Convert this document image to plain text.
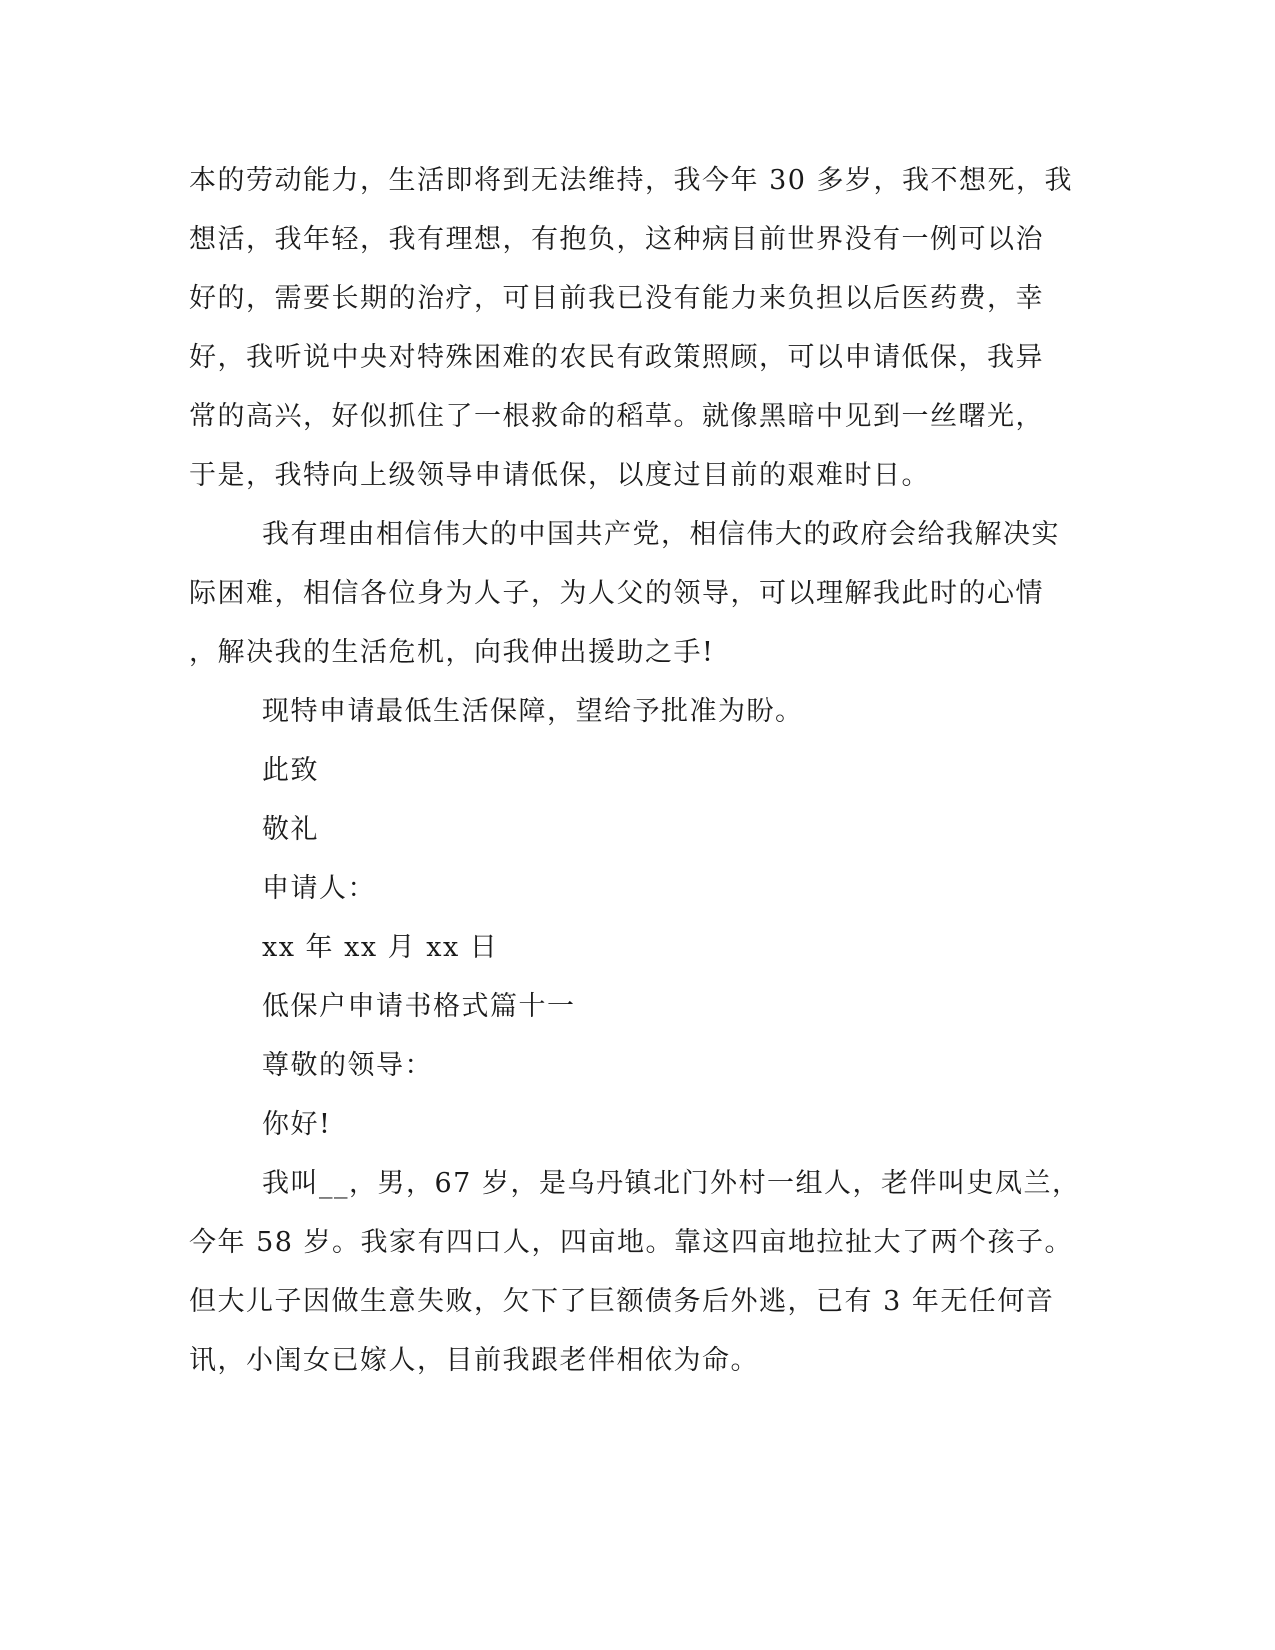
本的劳动能力，生活即将到无法维持，我今年 30 多岁，我不想死，我
想活，我年轻，我有理想，有抱负，这种病目前世界没有一例可以治
好的，需要长期的治疗，可目前我已没有能力来负担以后医药费，幸
好，我听说中央对特殊困难的农民有政策照顾，可以申请低保，我异
常的高兴，好似抓住了一根救命的稻草。就像黑暗中见到一丝曙光，
于是，我特向上级领导申请低保，以度过目前的艰难时日。
我有理由相信伟大的中国共产党，相信伟大的政府会给我解决实
际困难，相信各位身为人子，为人父的领导，可以理解我此时的心情
，解决我的生活危机，向我伸出援助之手!
现特申请最低生活保障，望给予批准为盼。
此致
敬礼
申请人：
xx 年 xx 月 xx 日
低保户申请书格式篇十一
尊敬的领导：
你好!
我叫__，男，67 岁，是乌丹镇北门外村一组人，老伴叫史凤兰，
今年 58 岁。我家有四口人，四亩地。靠这四亩地拉扯大了两个孩子。
但大儿子因做生意失败，欠下了巨额债务后外逃，已有 3 年无任何音
讯，小闺女已嫁人，目前我跟老伴相依为命。
